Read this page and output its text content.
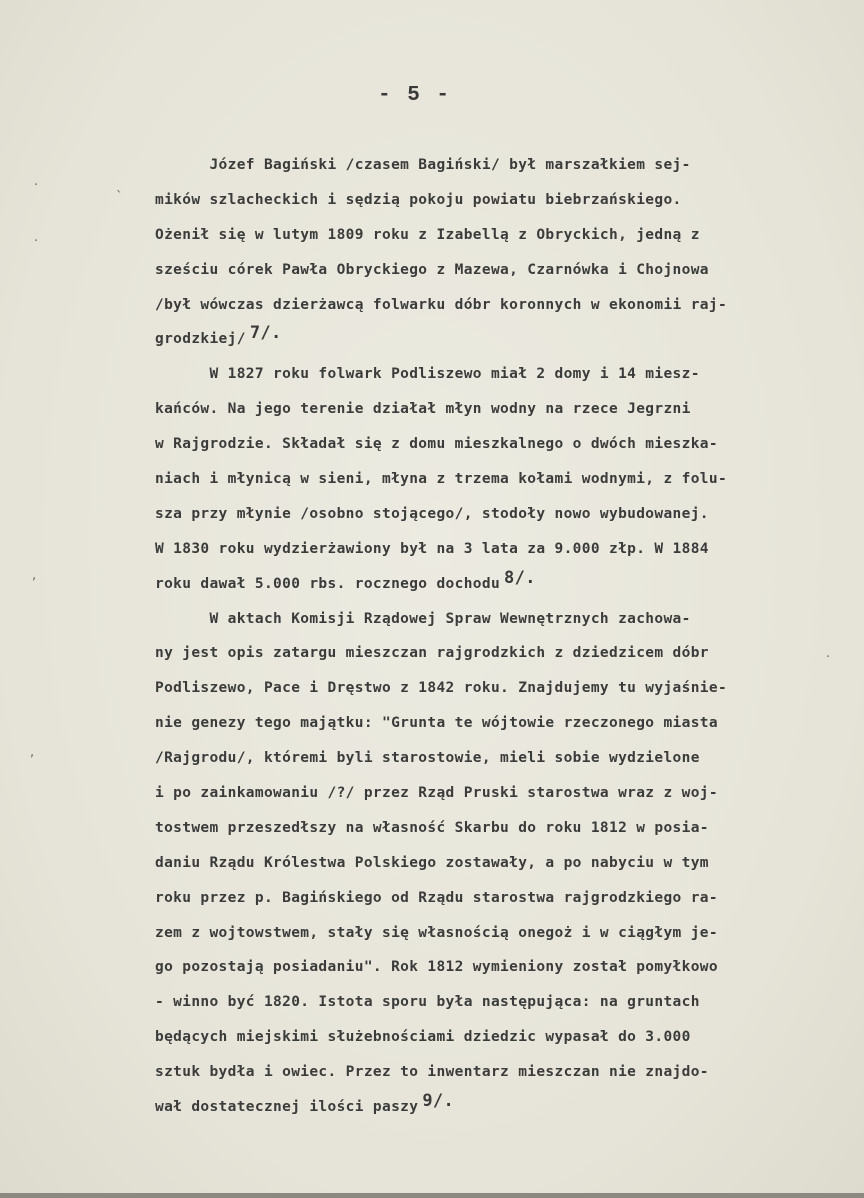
- 5 -
·
`
·
,
,
·
Józef Bagiński /czasem Bagiński/ był marszałkiem sej-
mików szlacheckich i sędzią pokoju powiatu biebrzańskiego.
Ożenił się w lutym 1809 roku z Izabellą z Obryckich, jedną z
sześciu córek Pawła Obryckiego z Mazewa, Czarnówka i Chojnowa
/był wówczas dzierżawcą folwarku dóbr koronnych w ekonomii raj-
grodzkiej/ $^{7/.}$
W 1827 roku folwark Podliszewo miał 2 domy i 14 miesz-
kańców. Na jego terenie działał młyn wodny na rzece Jegrzni
w Rajgrodzie. Składał się z domu mieszkalnego o dwóch mieszka-
niach i młynicą w sieni, młyna z trzema kołami wodnymi, z folu-
sza przy młynie /osobno stojącego/, stodoły nowo wybudowanej.
W 1830 roku wydzierżawiony był na 3 lata za 9.000 złp. W 1884
roku dawał 5.000 rbs. rocznego dochodu $^{8/.}$
W aktach Komisji Rządowej Spraw Wewnętrznych zachowa-
ny jest opis zatargu mieszczan rajgrodzkich z dziedzicem dóbr
Podliszewo, Pace i Dręstwo z 1842 roku. Znajdujemy tu wyjaśnie-
nie genezy tego majątku: "Grunta te wójtowie rzeczonego miasta
/Rajgrodu/, któremi byli starostowie, mieli sobie wydzielone
i po zainkamowaniu /?/ przez Rząd Pruski starostwa wraz z woj-
tostwem przeszedłszy na własność Skarbu do roku 1812 w posia-
daniu Rządu Królestwa Polskiego zostawały, a po nabyciu w tym
roku przez p. Bagińskiego od Rządu starostwa rajgrodzkiego ra-
zem z wojtowstwem, stały się własnością onegoż i w ciągłym je-
go pozostają posiadaniu". Rok 1812 wymieniony został pomyłkowo
- winno być 1820. Istota sporu była następująca: na gruntach
będących miejskimi służebnościami dziedzic wypasał do 3.000
sztuk bydła i owiec. Przez to inwentarz mieszczan nie znajdo-
wał dostatecznej ilości paszy $^{9/.}$
